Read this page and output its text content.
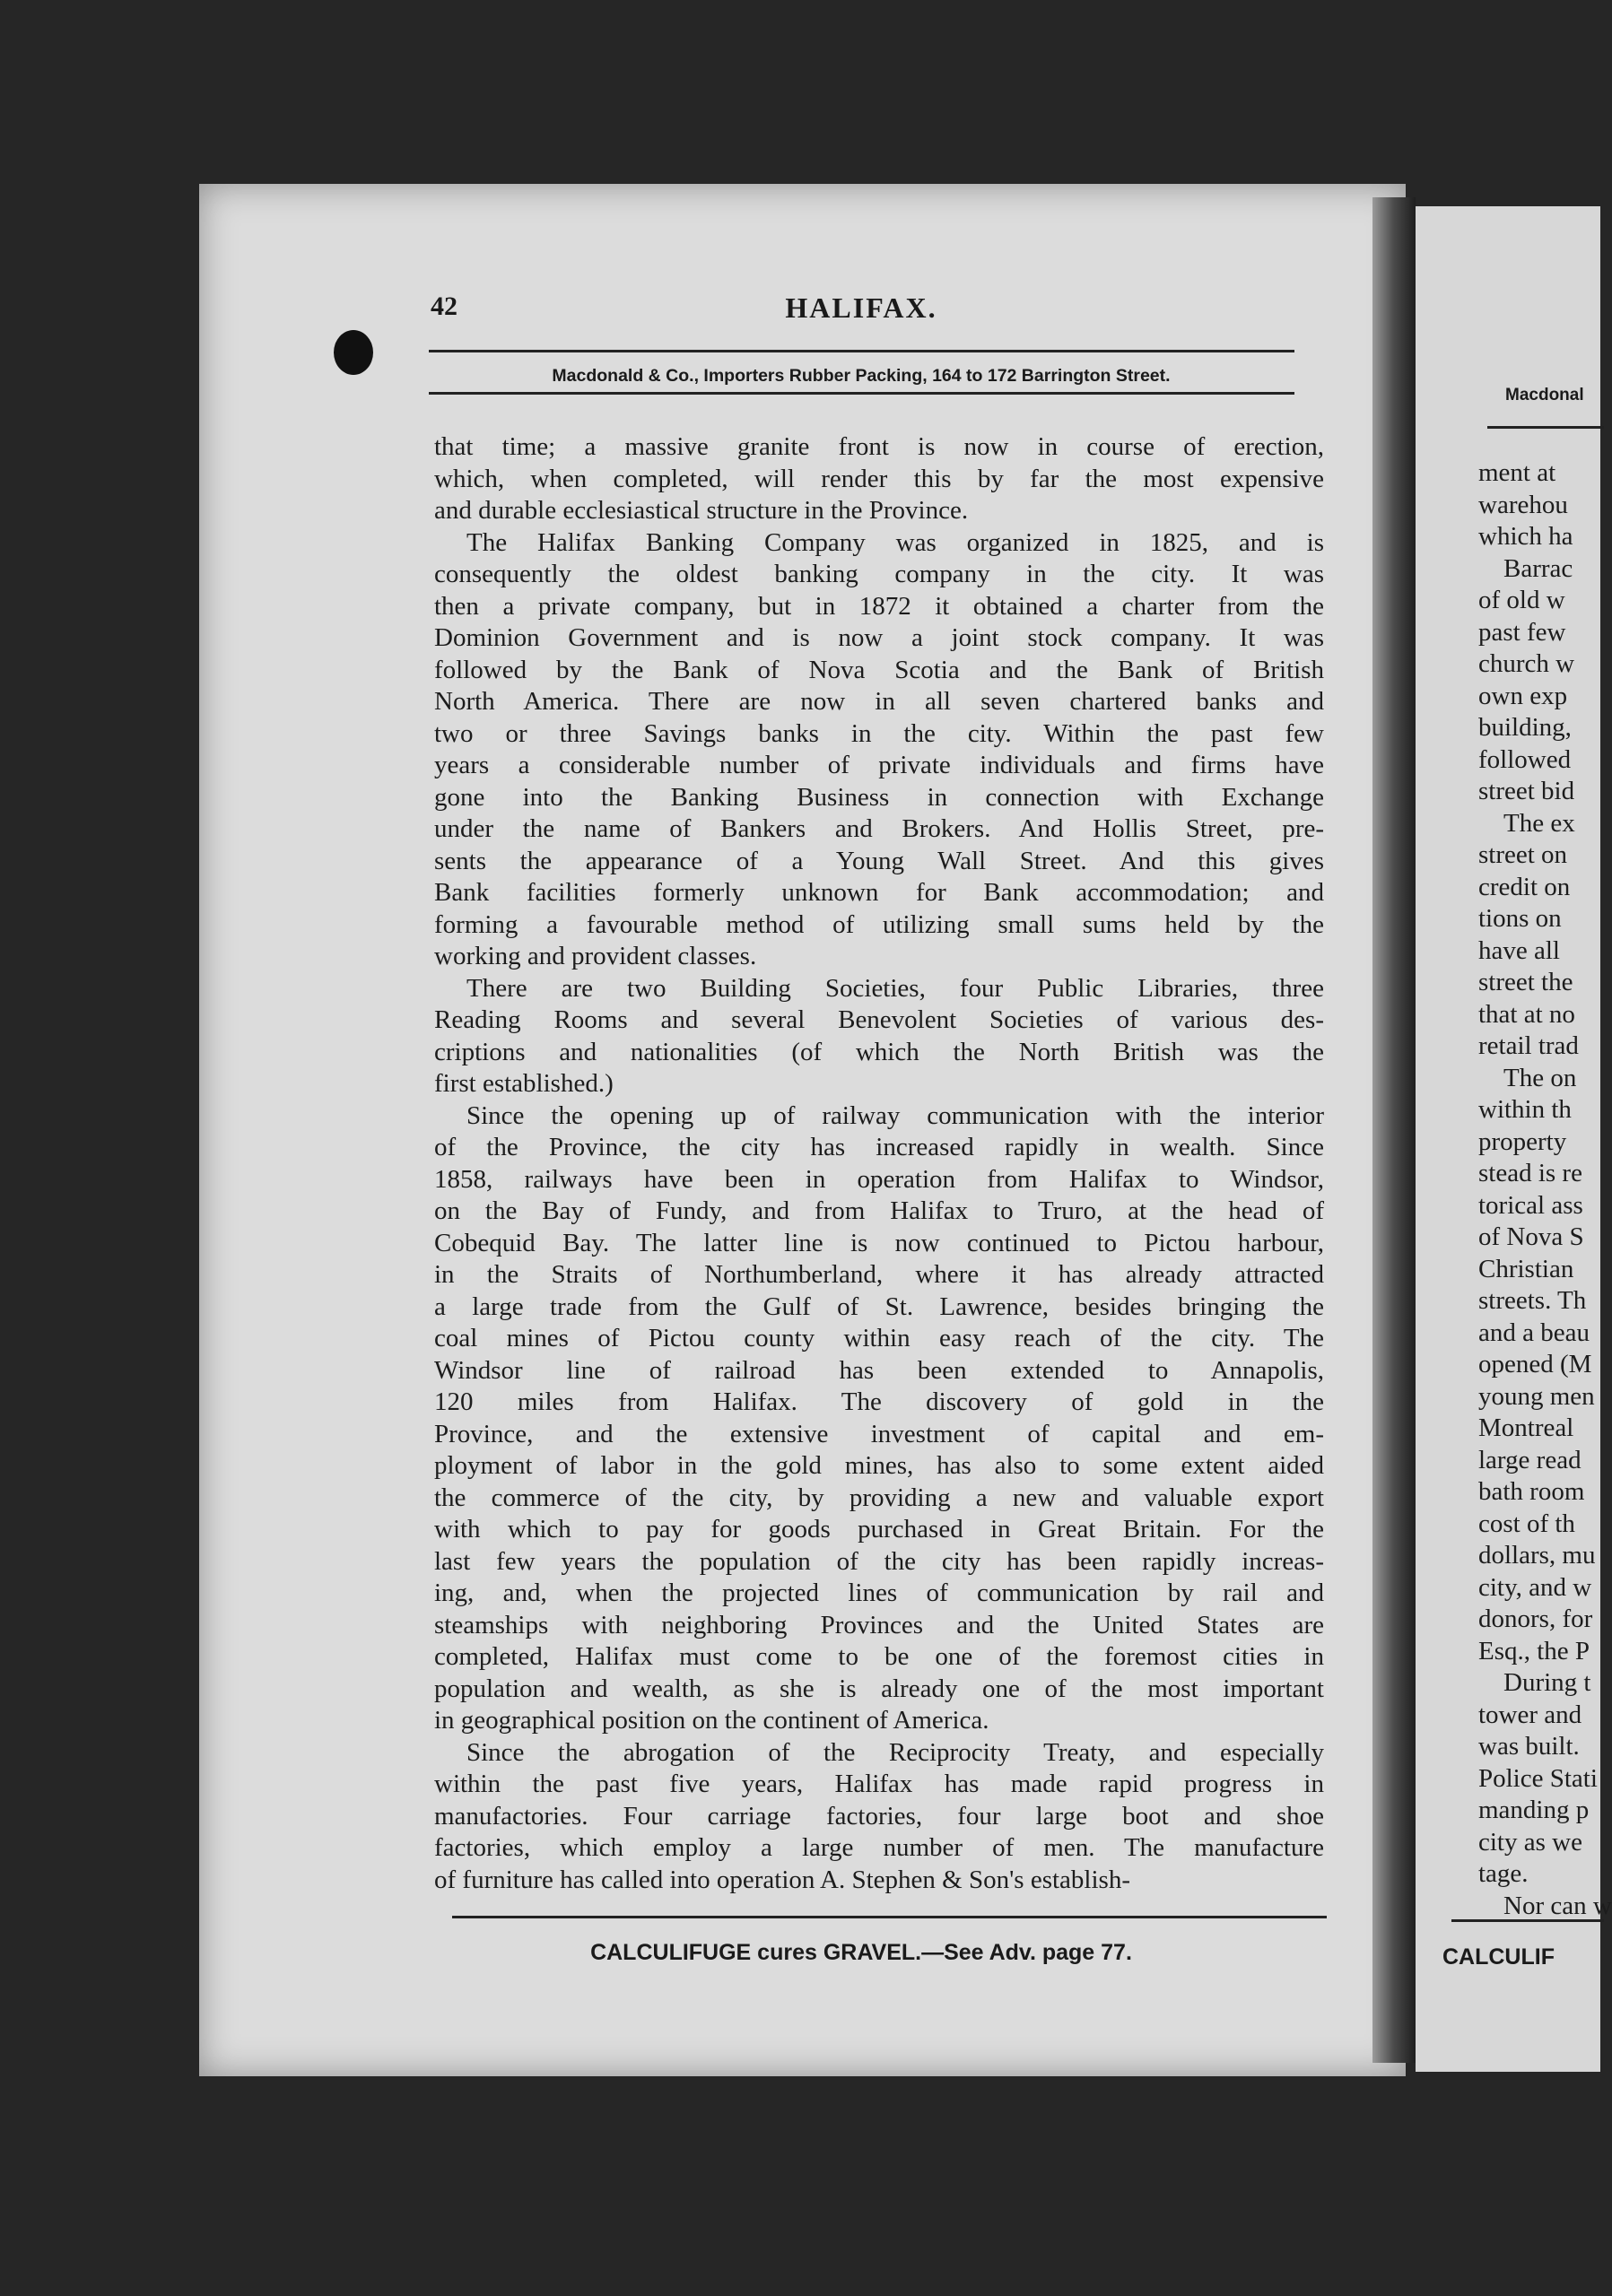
Macdonal
ment at
warehou
which ha
Barrac
of old w
past few
church w
own exp
building,
followed
street bid
The ex
street on
credit on
tions on
have all
street the
that at no
retail trad
The on
within th
property
stead is re
torical ass
of Nova S
Christian
streets. Th
and a beau
opened (M
young men
Montreal
large read
bath room
cost of th
dollars, mu
city, and w
donors, for
Esq., the P
During t
tower and
was built.
Police Stati
manding p
city as we
tage.
Nor can w
CALCULIF
42	HALIFAX.
Macdonald & Co., Importers Rubber Packing, 164 to 172 Barrington Street.
that time; a massive granite front is now in course of erection,
which, when completed, will render this by far the most expensive
and durable ecclesiastical structure in the Province.
The Halifax Banking Company was organized in 1825, and is
consequently the oldest banking company in the city. It was
then a private company, but in 1872 it obtained a charter from the
Dominion Government and is now a joint stock company. It was
followed by the Bank of Nova Scotia and the Bank of British
North America. There are now in all seven chartered banks and
two or three Savings banks in the city. Within the past few
years a considerable number of private individuals and firms have
gone into the Banking Business in connection with Exchange
under the name of Bankers and Brokers. And Hollis Street, pre-
sents the appearance of a Young Wall Street. And this gives
Bank facilities formerly unknown for Bank accommodation; and
forming a favourable method of utilizing small sums held by the
working and provident classes.
There are two Building Societies, four Public Libraries, three
Reading Rooms and several Benevolent Societies of various des-
criptions and nationalities (of which the North British was the
first established.)
Since the opening up of railway communication with the interior
of the Province, the city has increased rapidly in wealth. Since
1858, railways have been in operation from Halifax to Windsor,
on the Bay of Fundy, and from Halifax to Truro, at the head of
Cobequid Bay. The latter line is now continued to Pictou harbour,
in the Straits of Northumberland, where it has already attracted
a large trade from the Gulf of St. Lawrence, besides bringing the
coal mines of Pictou county within easy reach of the city. The
Windsor line of railroad has been extended to Annapolis,
120 miles from Halifax. The discovery of gold in the
Province, and the extensive investment of capital and em-
ployment of labor in the gold mines, has also to some extent aided
the commerce of the city, by providing a new and valuable export
with which to pay for goods purchased in Great Britain. For the
last few years the population of the city has been rapidly increas-
ing, and, when the projected lines of communication by rail and
steamships with neighboring Provinces and the United States are
completed, Halifax must come to be one of the foremost cities in
population and wealth, as she is already one of the most important
in geographical position on the continent of America.
Since the abrogation of the Reciprocity Treaty, and especially
within the past five years, Halifax has made rapid progress in
manufactories. Four carriage factories, four large boot and shoe
factories, which employ a large number of men. The manufacture
of furniture has called into operation A. Stephen & Son's establish-
CALCULIFUGE cures GRAVEL.—See Adv. page 77.
